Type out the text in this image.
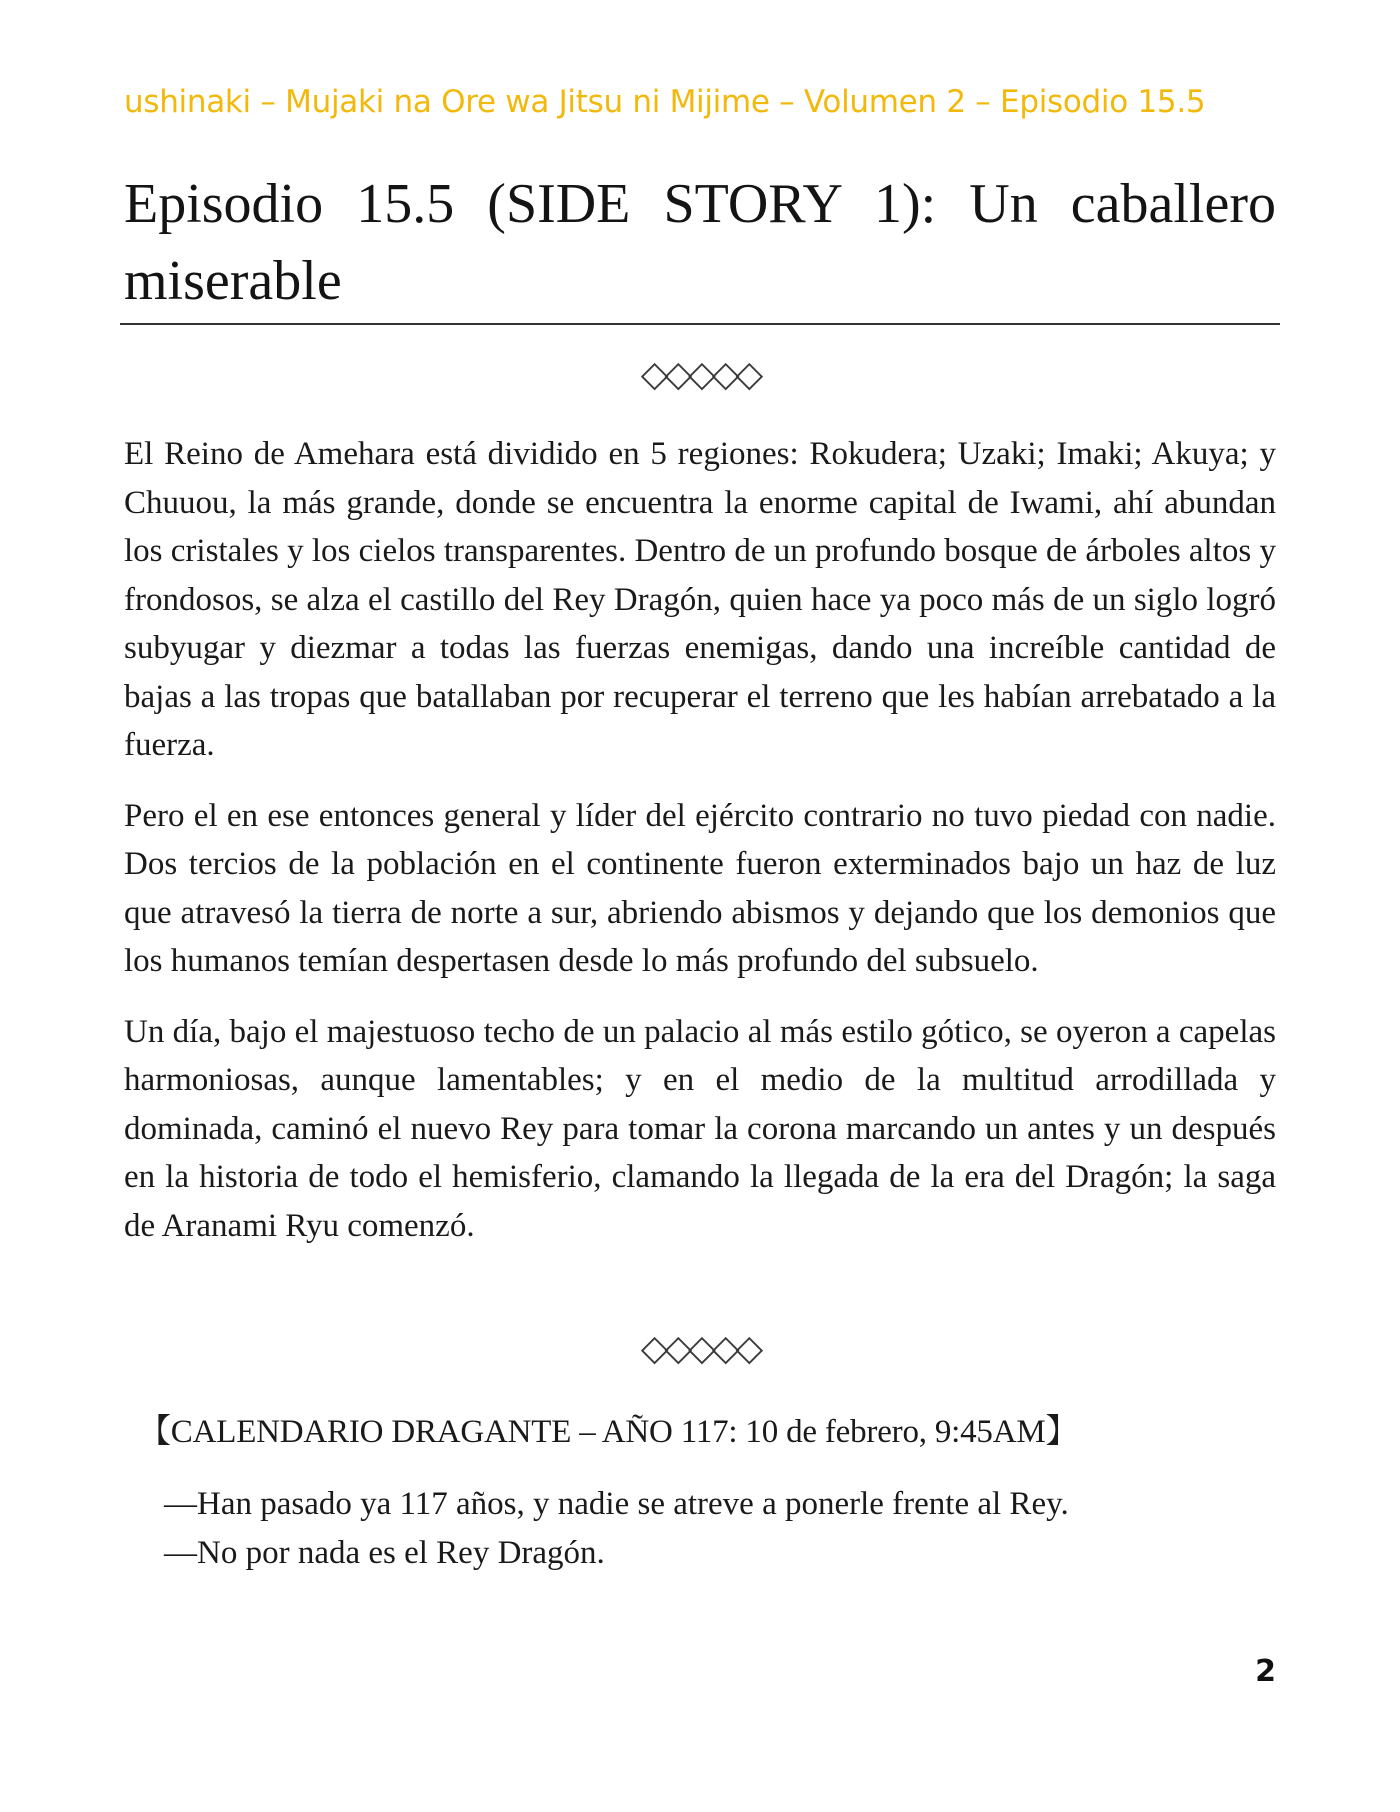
ushinaki – Mujaki na Ore wa Jitsu ni Mijime – Volumen 2 – Episodio 15.5
Episodio 15.5 (SIDE STORY 1): Un caballero miserable
◇◇◇◇◇

El Reino de Amehara está dividido en 5 regiones: Rokudera; Uzaki; Imaki; Akuya; y Chuuou, la más grande, donde se encuentra la enorme capital de Iwami, ahí abundan los cristales y los cielos transparentes. Dentro de un profundo bosque de árboles altos y frondosos, se alza el castillo del Rey Dragón, quien hace ya poco más de un siglo logró subyugar y diezmar a todas las fuerzas enemigas, dando una increíble cantidad de bajas a las tropas que batallaban por recuperar el terreno que les habían arrebatado a la fuerza.

Pero el en ese entonces general y líder del ejército contrario no tuvo piedad con nadie. Dos tercios de la población en el continente fueron exterminados bajo un haz de luz que atravesó la tierra de norte a sur, abriendo abismos y dejando que los demonios que los humanos temían despertasen desde lo más profundo del subsuelo.

Un día, bajo el majestuoso techo de un palacio al más estilo gótico, se oyeron a capelas harmoniosas, aunque lamentables; y en el medio de la multitud arrodillada y dominada, caminó el nuevo Rey para tomar la corona marcando un antes y un después en la historia de todo el hemisferio, clamando la llegada de la era del Dragón; la saga de Aranami Ryu comenzó.

◇◇◇◇◇
【CALENDARIO DRAGANTE – AÑO 117: 10 de febrero, 9:45AM】
—Han pasado ya 117 años, y nadie se atreve a ponerle frente al Rey.
—No por nada es el Rey Dragón.
2
